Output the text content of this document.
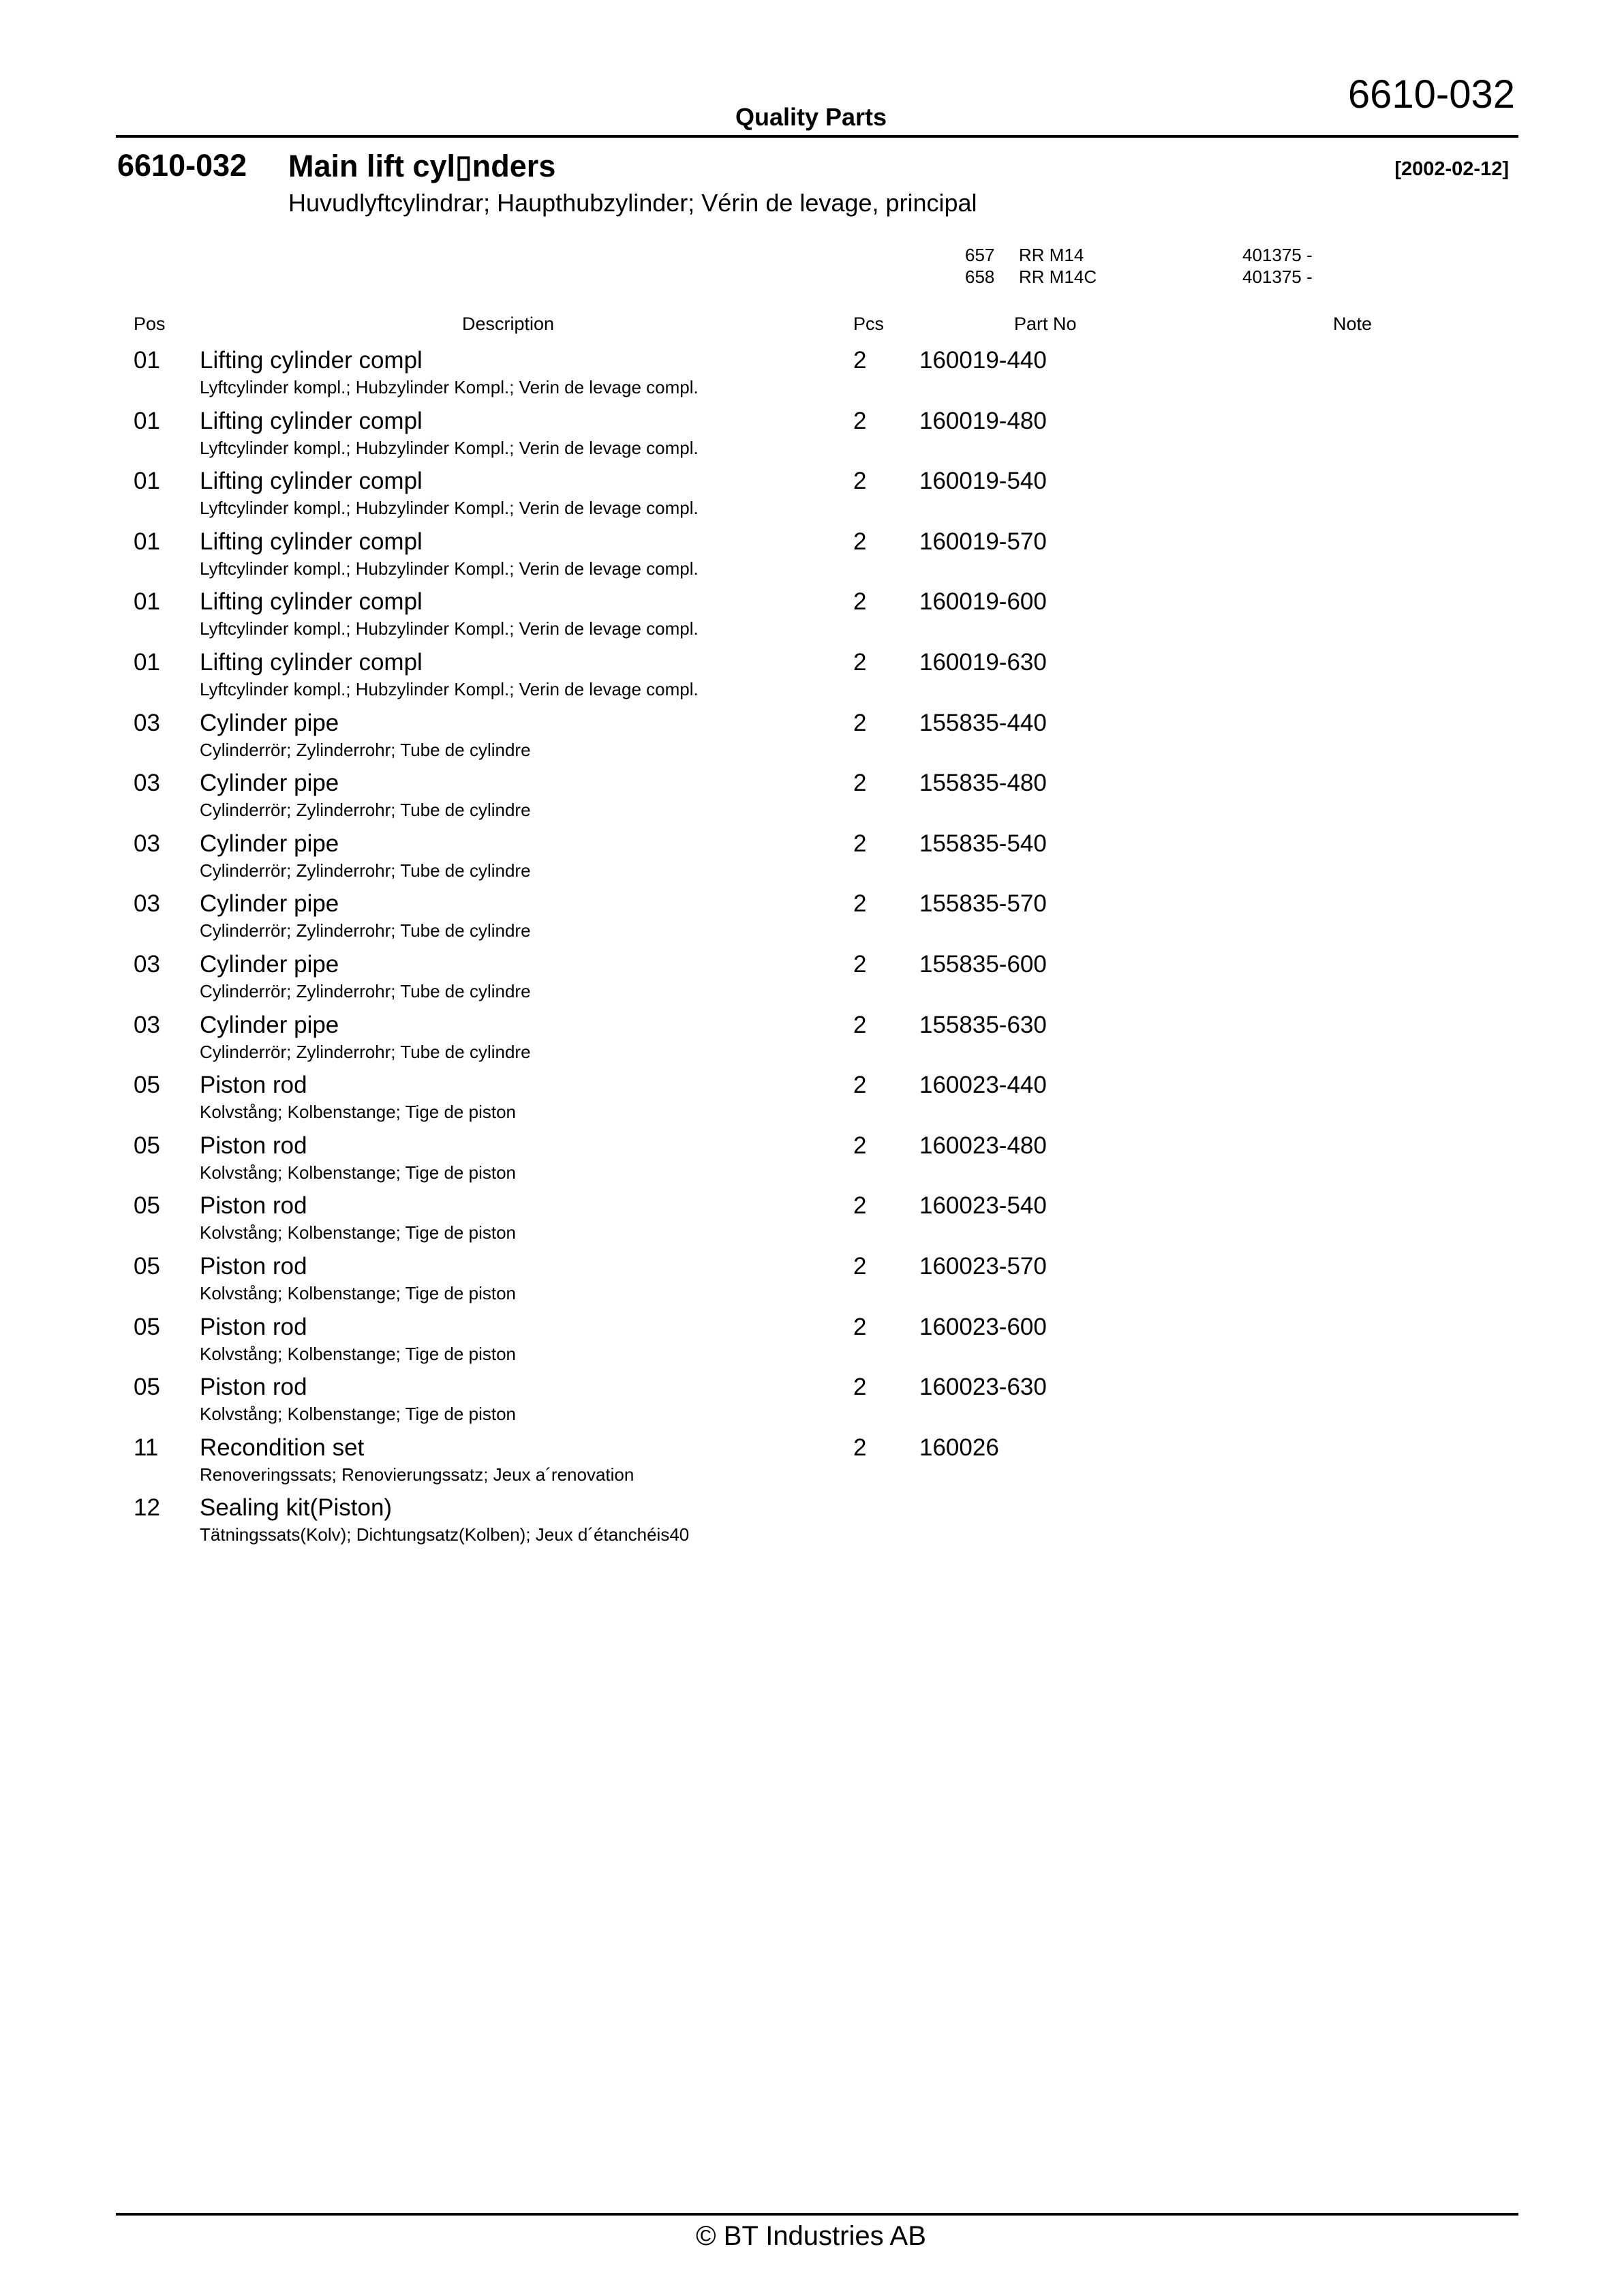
6610-032
Quality Parts
6610-032 Main lift cyl▯nders	[2002-02-12]
Huvudlyftcylindrar; Haupthubzylinder; Vérin de levage, principal
657 RR M14	401375 -
658 RR M14C	401375 -
Pos	Description	Pcs	Part No	Note
01 Lifting cylinder compl
Lyftcylinder kompl.; Hubzylinder Kompl.; Verin de levage compl.
2 160019-440
01 Lifting cylinder compl
Lyftcylinder kompl.; Hubzylinder Kompl.; Verin de levage compl.
2 160019-480
01 Lifting cylinder compl
Lyftcylinder kompl.; Hubzylinder Kompl.; Verin de levage compl.
2 160019-540
01 Lifting cylinder compl
Lyftcylinder kompl.; Hubzylinder Kompl.; Verin de levage compl.
2 160019-570
01 Lifting cylinder compl
Lyftcylinder kompl.; Hubzylinder Kompl.; Verin de levage compl.
2 160019-600
01 Lifting cylinder compl
Lyftcylinder kompl.; Hubzylinder Kompl.; Verin de levage compl.
2 160019-630
03 Cylinder pipe
Cylinderrör; Zylinderrohr; Tube de cylindre
2 155835-440
03 Cylinder pipe
Cylinderrör; Zylinderrohr; Tube de cylindre
2 155835-480
03 Cylinder pipe
Cylinderrör; Zylinderrohr; Tube de cylindre
2 155835-540
03 Cylinder pipe
Cylinderrör; Zylinderrohr; Tube de cylindre
2 155835-570
03 Cylinder pipe
Cylinderrör; Zylinderrohr; Tube de cylindre
2 155835-600
03 Cylinder pipe
Cylinderrör; Zylinderrohr; Tube de cylindre
2 155835-630
05 Piston rod
Kolvstång; Kolbenstange; Tige de piston
2 160023-440
05 Piston rod
Kolvstång; Kolbenstange; Tige de piston
2 160023-480
05 Piston rod
Kolvstång; Kolbenstange; Tige de piston
2 160023-540
05 Piston rod
Kolvstång; Kolbenstange; Tige de piston
2 160023-570
05 Piston rod
Kolvstång; Kolbenstange; Tige de piston
2 160023-600
05 Piston rod
Kolvstång; Kolbenstange; Tige de piston
2 160023-630
11 Recondition set
Renoveringssats; Renovierungssatz; Jeux a´renovation
2 160026
12 Sealing kit(Piston)
Tätningssats(Kolv); Dichtungsatz(Kolben); Jeux d´étanchéis40
© BT Industries AB
